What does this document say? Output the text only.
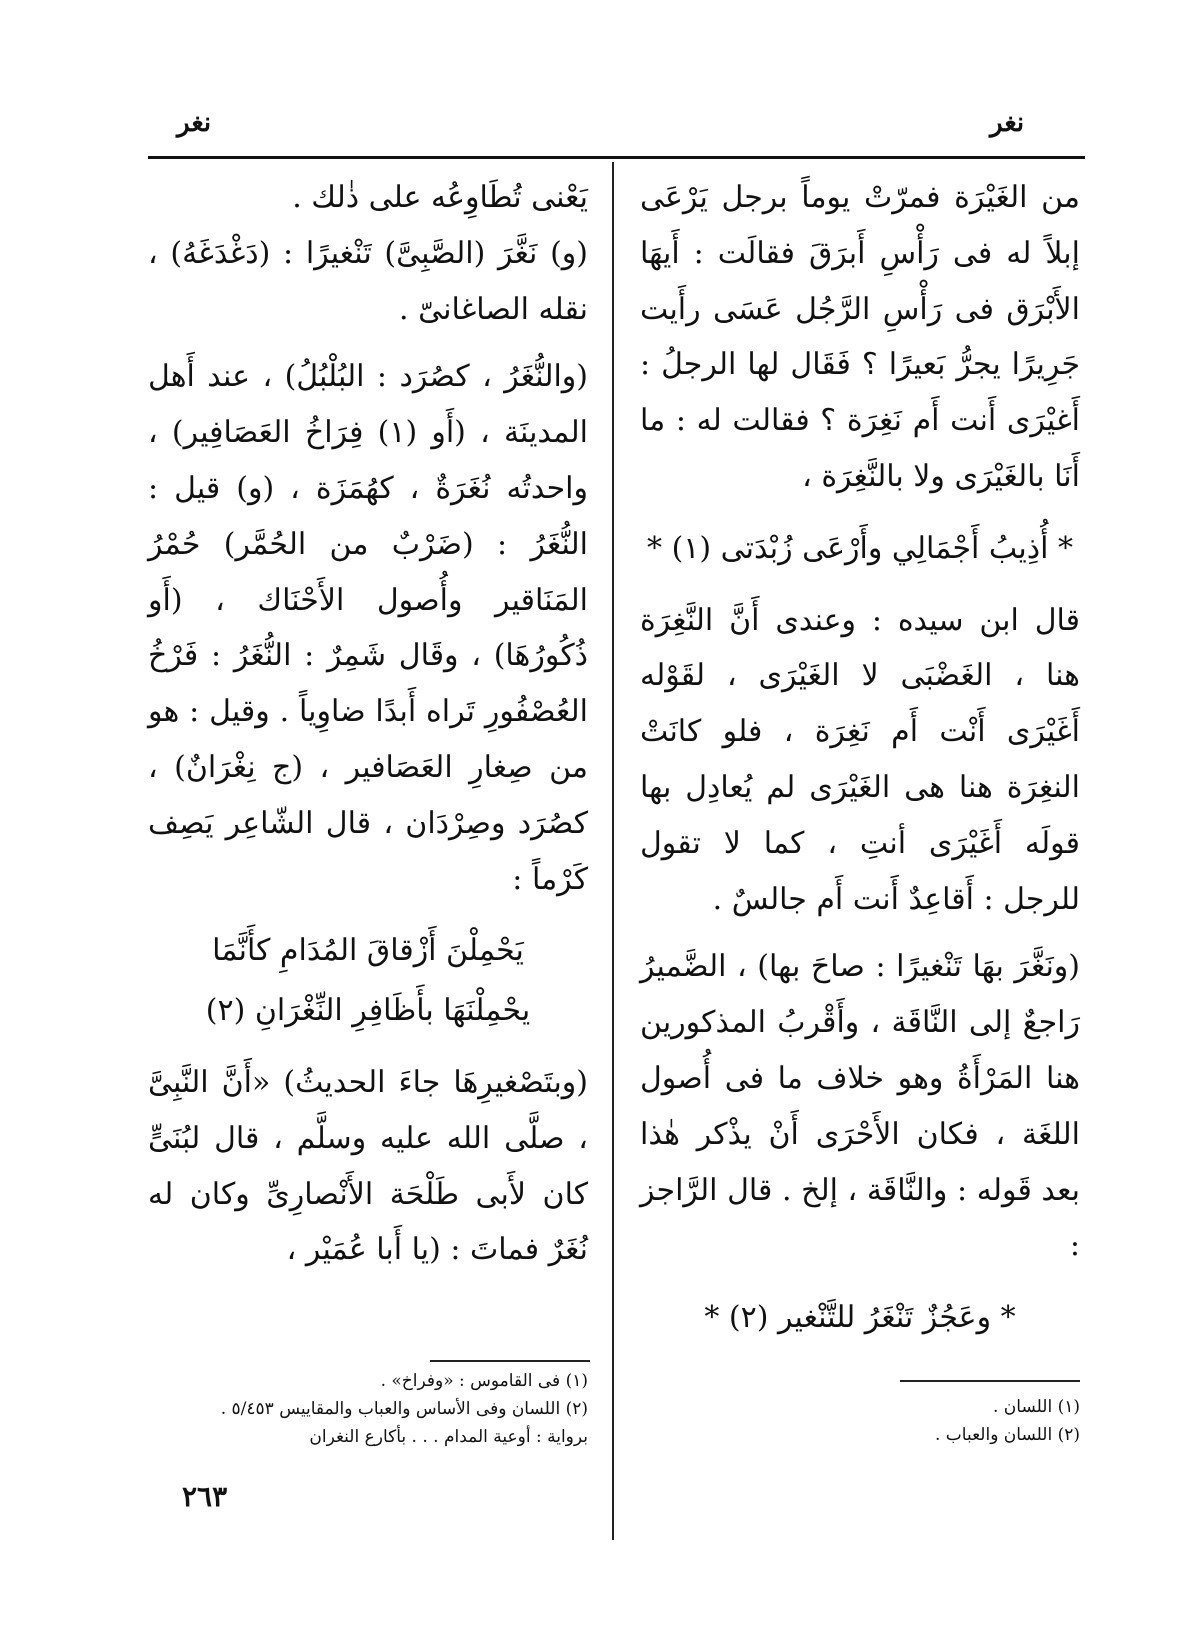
نغر
نغر

من الغَيْرَة فمرّتْ يوماً برجل يَرْعَى إبلاً له فى رَأْسِ أَبرَقَ فقالَت : أَيهَا الأَبْرَق فى رَأْسِ الرَّجُل عَسَى رأَيت جَرِيرًا يجرُّ بَعيرًا ؟ فَقَال لها الرجلُ : أَغيْرَى أَنت أَم نَغِرَة ؟ فقالت له : ما أَنَا بالغَيْرَى ولا بالنَّغِرَة ،

* أُذِيبُ أَجْمَالِي وأَرْعَى زُبْدَتى (١) *

قال ابن سيده : وعندى أَنَّ النَّغِرَة هنا ، الغَضْبَى لا الغَيْرَى ، لقَوْله أَغَيْرَى أَنْت أَم نَغِرَة ، فلو كانَتْ النغِرَة هنا هى الغَيْرَى لم يُعادِل بها قولَه أَغَيْرَى أنتِ ، كما لا تقول للرجل : أَقاعِدٌ أَنت أَم جالسٌ .

(ونَغَّرَ بهَا تَنْغيرًا : صاحَ بها) ، الضَّميرُ رَاجعٌ إلى النَّاقَة ، وأَقْربُ المذكورين هنا المَرْأَةُ وهو خلاف ما فى أُصول اللغَة ، فكان الأَحْرَى أَنْ يذْكر هٰذا بعد قَوله : والنَّاقَة ، إلخ . قال الرَّاجز :

* وعَجُزٌ تَنْغَرُ للتَّنْغير (٢) *

يَعْنى تُطَاوِعُه على ذٰلك .

(و) نَغَّرَ (الصَّبِىَّ) تَنْغيرًا : (دَغْدَغَهُ) ، نقله الصاغانىّ .

(والنُّغَرُ ، كصُرَد : البُلْبُلُ) ، عند أَهل المدينَة ، (أَو (١) فِرَاخُ العَصَافِير) ، واحدتُه نُغَرَةٌ ، كهُمَزَة ، (و) قيل : النُّغَرُ : (ضَرْبٌ من الحُمَّر) حُمْرُ المَنَاقير وأُصول الأَحْنَاك ، (أَو ذُكُورُهَا) ، وقَال شَمِرٌ : النُّغَرُ : فَرْخُ العُصْفُورِ تَراه أَبدًا ضاوِياً . وقيل : هو من صِغارِ العَصَافير ، (ج نِغْرَانٌ) ، كصُرَد وصِرْدَان ، قال الشّاعِر يَصِف كَرْماً :

يَحْمِلْنَ أَزْقاقَ المُدَامِ كأَنَّمَا

يحْمِلْنَهَا بأَظَافِرِ النِّغْرَانِ (٢)

(وبتَصْغيرِهَا جاءَ الحديثُ) «أَنَّ النَّبِىَّ ، صلَّى الله عليه وسلَّم ، قال لبُنَىٍّ كان لأَبى طَلْحَة الأَنْصارِىِّ وكان له نُغَرٌ فماتَ : (يا أَبا عُمَيْر ،

(١) اللسان .

(٢) اللسان والعباب .

(١) فى القاموس : «وفراخ» .

(٢) اللسان وفى الأساس والعباب والمقاييس ٥/٤٥٣ .

برواية : أوعية المدام . . . بأكارع النغران

٢٦٣
